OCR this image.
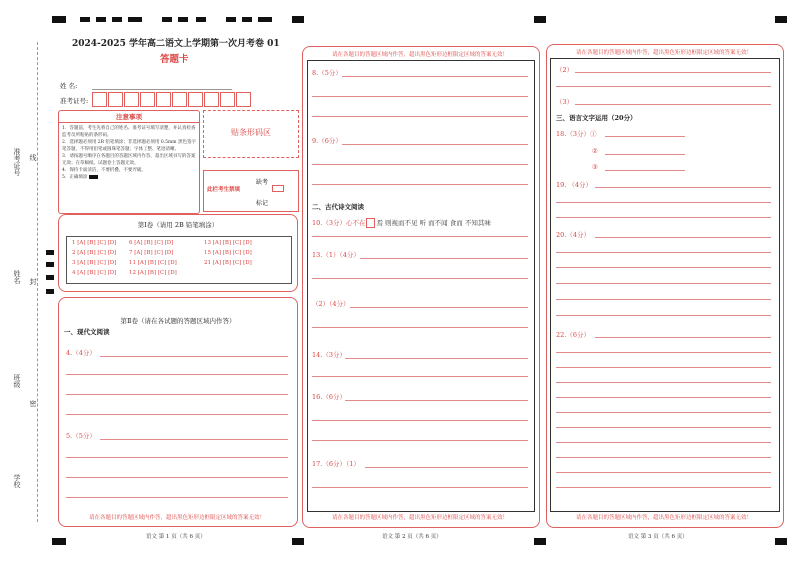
准考证号 线
姓名 封
班级
密
学校
2024-2025 学年高二语文上学期第一次月考卷 01
答题卡
姓 名:
准考证号:
注意事项
1．答题前，考生先将自己的姓名、准考证号填写清楚，并认真检查监考员所粘贴的条形码。
2．选择题必须用 2B 铅笔填涂；非选择题必须用 0.5mm 黑色签字笔答题，不得用铅笔或圆珠笔答题；字体工整、笔迹清晰。
3．请按题号顺序在各题目的答题区域内作答，超出区域书写的答案无效；在草稿纸、试题卷上答题无效。
4．保持卡面清洁，不要折叠、不要弄破。
5．正确填涂
贴条形码区
此栏考生禁填
缺考
标记
第Ⅰ卷（请用 2B 铅笔填涂）
1 [A] [B] [C] [D]
2 [A] [B] [C] [D]
3 [A] [B] [C] [D]
4 [A] [B] [C] [D]
6 [A] [B] [C] [D]
7 [A] [B] [C] [D]
11 [A] [B] [C] [D]
12 [A] [B] [C] [D]
13 [A] [B] [C] [D]
15 [A] [B] [C] [D]
21 [A] [B] [C] [D]
第Ⅱ卷（请在各试题的答题区域内作答）
一、现代文阅读
4.（4分）
5.（5分）
请在各题目的答题区域内作答，超出黑色矩形边框限定区域的答案无效！
请在各题目的答题区域内作答，超出黑色矩形边框限定区域的答案无效！
8.（5分）
9.（6分）
二、古代诗文阅读
10.（3分）心不在 焉 则视而不见 听 而不闻 食而 不知其味
13.（1）（4分）
（2）（4分）
14.（3分）
16.（6分）
17.（6分）（1）
请在各题目的答题区域内作答，超出黑色矩形边框限定区域的答案无效！
请在各题目的答题区域内作答，超出黑色矩形边框限定区域的答案无效！
（2）
（3）
三、语言文字运用（20分）
18.（3分）①
②
③
19. （4分）
20.（4分）
22.（6分）
请在各题目的答题区域内作答，超出黑色矩形边框限定区域的答案无效！
语文 第 1 页（共 6 页）	语文 第 2 页（共 6 页）	语文 第 3 页（共 6 页）
